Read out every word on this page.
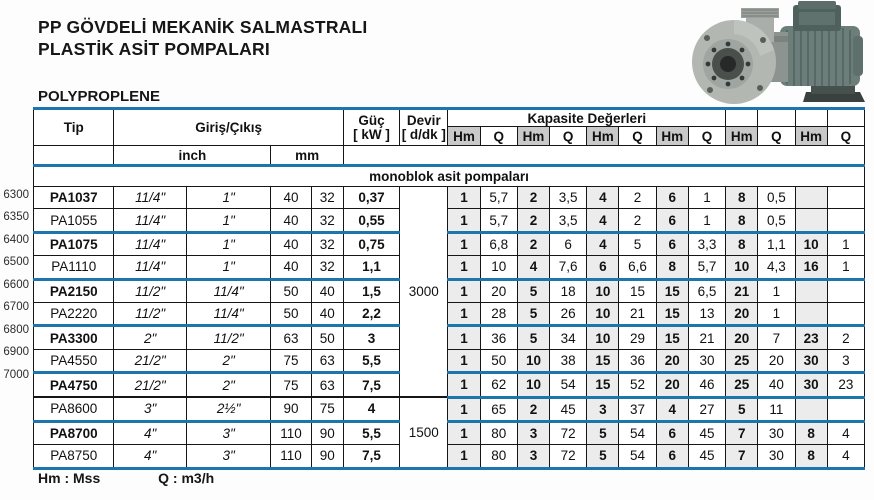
PP GÖVDELİ MEKANİK SALMASTRALI
PLASTİK ASİT POMPALARI
POLYPROPLENE
6300
6350
6400
6500
6600
6700
6800
6900
7000
Tip	Giriş/Çıkış				Güç
[ kW ]	Devir
[ d/dk ]	Kapasite Değerleri											
							Hm	Q	Hm	Q	Hm	Q	Hm	Q	Hm	Q	Hm	Q
	inch		mm															
monoblok asit pompaları																		
PA1037	11/4"	1"	40	32	0,37	3000	1	5,7	2	3,5	4	2	6	1	8	0,5		
PA1055	11/4"	1"	40	32	0,55		1	5,7	2	3,5	4	2	6	1	8	0,5		
PA1075	11/4"	1"	40	32	0,75		1	6,8	2	6	4	5	6	3,3	8	1,1	10	1
PA1110	11/4"	1"	40	32	1,1		1	10	4	7,6	6	6,6	8	5,7	10	4,3	16	1
PA2150	11/2"	11/4"	50	40	1,5		1	20	5	18	10	15	15	6,5	21	1		
PA2220	11/2"	11/4"	50	40	2,2		1	28	5	26	10	21	15	13	20	1		
PA3300	2"	11/2"	63	50	3		1	36	5	34	10	29	15	21	20	7	23	2
PA4550	21/2"	2"	75	63	5,5		1	50	10	38	15	36	20	30	25	20	30	3
PA4750	21/2"	2"	75	63	7,5		1	62	10	54	15	52	20	46	25	40	30	23
PA8600	3"	2½"	90	75	4	1500	1	65	2	45	3	37	4	27	5	11		
PA8700	4"	3"	110	90	5,5		1	80	3	72	5	54	6	45	7	30	8	4
PA8750	4"	3"	110	90	7,5		1	80	3	72	5	54	6	45	7	30	8	4
Hm : Mss	Q : m3/h
